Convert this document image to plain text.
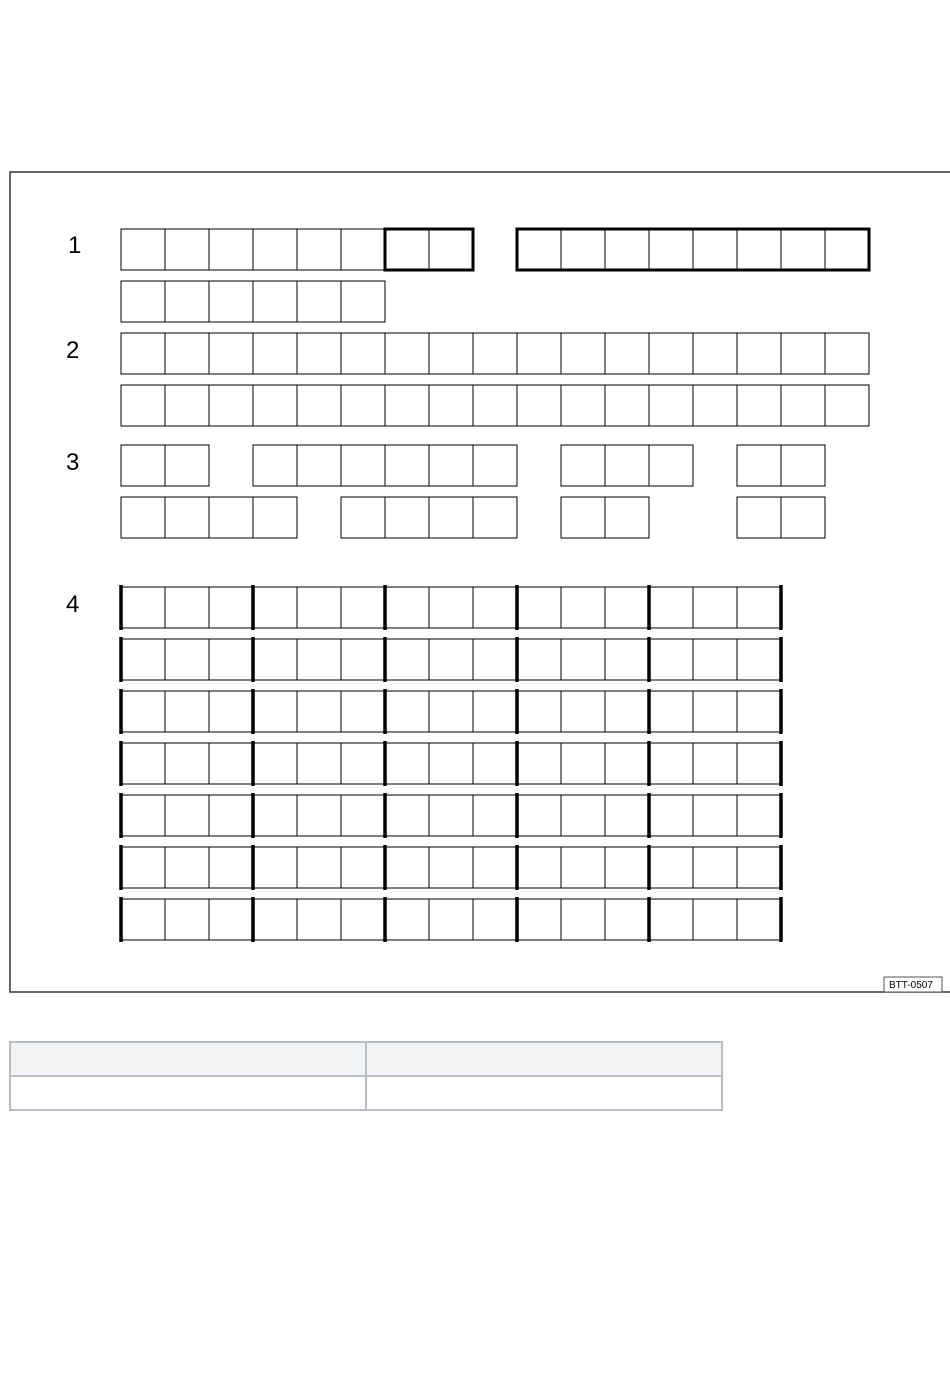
1
2
3
4
BTT-0507
